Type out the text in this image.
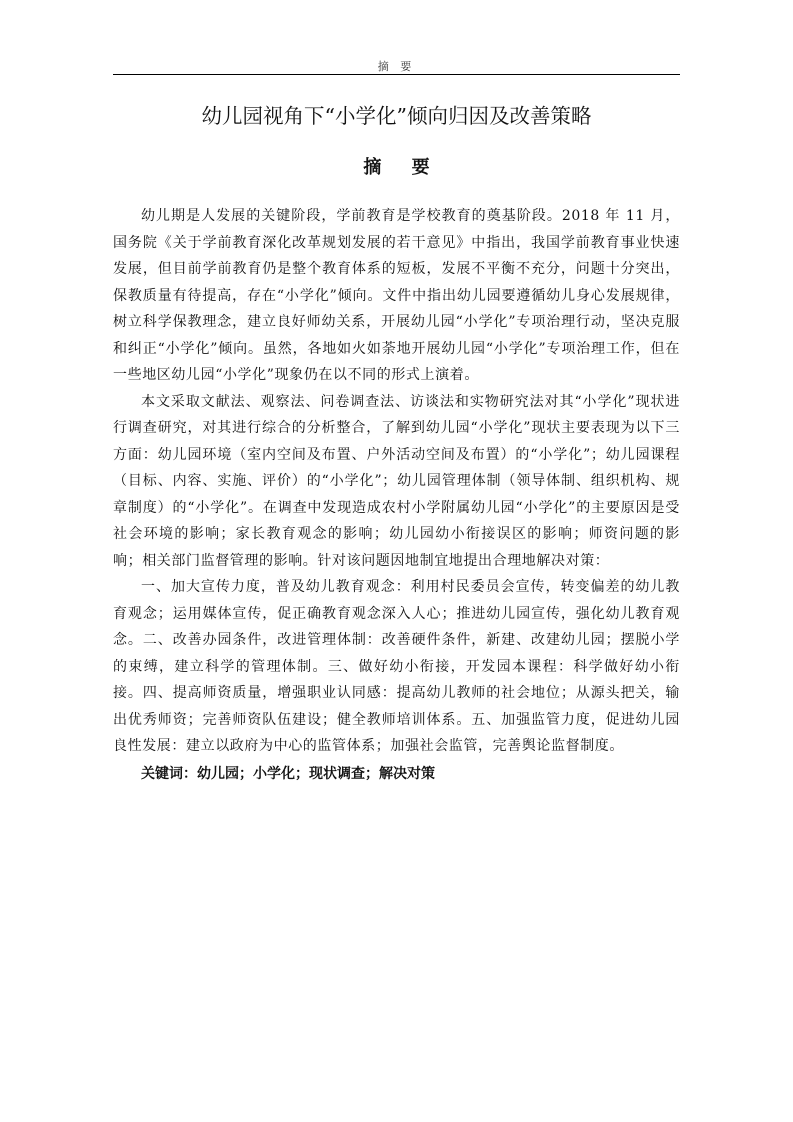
摘 要
幼儿园视角下“小学化”倾向归因及改善策略
摘 要

幼儿期是人发展的关键阶段，学前教育是学校教育的奠基阶段。2018 年 11 月，国务院《关于学前教育深化改革规划发展的若干意见》中指出，我国学前教育事业快速发展，但目前学前教育仍是整个教育体系的短板，发展不平衡不充分，问题十分突出，保教质量有待提高，存在“小学化”倾向。文件中指出幼儿园要遵循幼儿身心发展规律，树立科学保教理念，建立良好师幼关系，开展幼儿园“小学化”专项治理行动，坚决克服和纠正“小学化”倾向。虽然，各地如火如荼地开展幼儿园“小学化”专项治理工作，但在一些地区幼儿园“小学化”现象仍在以不同的形式上演着。

本文采取文献法、观察法、问卷调查法、访谈法和实物研究法对其“小学化”现状进行调查研究，对其进行综合的分析整合，了解到幼儿园“小学化”现状主要表现为以下三方面：幼儿园环境（室内空间及布置、户外活动空间及布置）的“小学化”；幼儿园课程（目标、内容、实施、评价）的“小学化”；幼儿园管理体制（领导体制、组织机构、规章制度）的“小学化”。在调查中发现造成农村小学附属幼儿园“小学化”的主要原因是受社会环境的影响；家长教育观念的影响；幼儿园幼小衔接误区的影响；师资问题的影响；相关部门监督管理的影响。针对该问题因地制宜地提出合理地解决对策：

一、加大宣传力度，普及幼儿教育观念：利用村民委员会宣传，转变偏差的幼儿教育观念；运用媒体宣传，促正确教育观念深入人心；推进幼儿园宣传，强化幼儿教育观念。二、改善办园条件，改进管理体制：改善硬件条件，新建、改建幼儿园；摆脱小学的束缚，建立科学的管理体制。三、做好幼小衔接，开发园本课程：科学做好幼小衔接。四、提高师资质量，增强职业认同感：提高幼儿教师的社会地位；从源头把关，输出优秀师资；完善师资队伍建设；健全教师培训体系。五、加强监管力度，促进幼儿园良性发展：建立以政府为中心的监管体系；加强社会监管，完善舆论监督制度。

关键词：幼儿园；小学化；现状调查；解决对策
